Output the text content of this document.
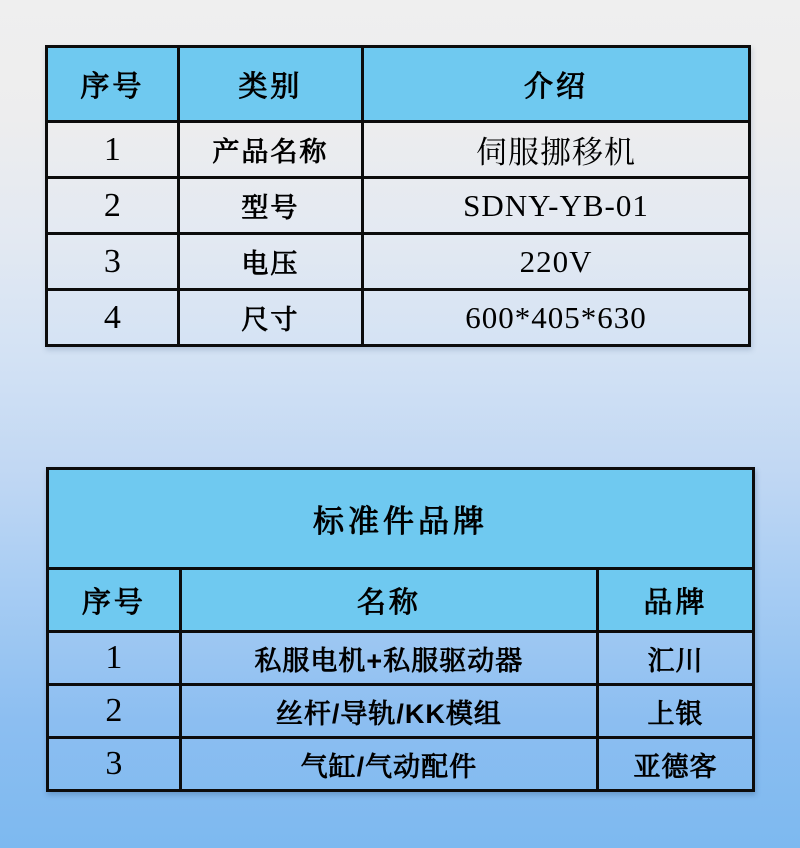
序号	类别	介绍
1	产品名称	伺服挪移机
2	型号	SDNY-YB-01
3	电压	220V
4	尺寸	600*405*630
标准件品牌		
序号	名称	品牌
1	私服电机+私服驱动器	汇川
2	丝杆/导轨/KK模组	上银
3	气缸/气动配件	亚德客
